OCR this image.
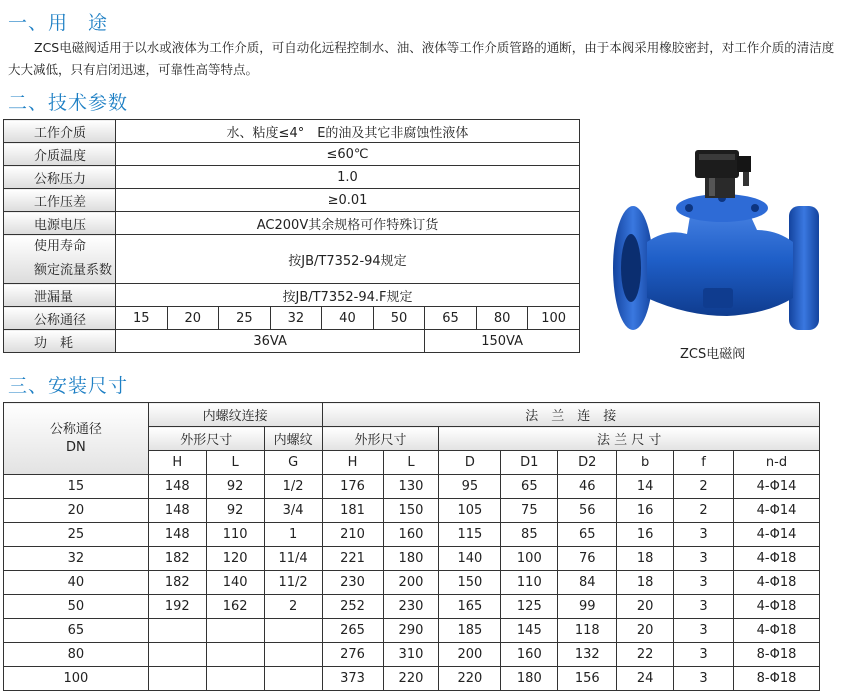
一、用　途
ZCS电磁阀适用于以水或液体为工作介质，可自动化远程控制水、油、液体等工作介质管路的通断，由于本阀采用橡胶密封，对工作介质的清洁度大大减低，只有启闭迅速，可靠性高等特点。
二、技术参数
工作介质	水、粘度≤4°　E的油及其它非腐蚀性液体								
介质温度	≤60℃								
公称压力	1.0								
工作压差	≥0.01								
电源电压	AC200V其余规格可作特殊订货								

使用寿命
额定流量系数	按JB/T7352-94规定								
泄漏量	按JB/T7352-94.F规定								
公称通径	15	20	25	32	40	50	65	80	100
功　耗	36VA						150VA		
ZCS电磁阀
三、安装尺寸
公称通径
DN	内螺纹连接			法　兰　连　接							
	外形尺寸		内螺纹	外形尺寸		法 兰 尺 寸					
	H	L	G	H	L	D	D1	D2	b	f	n-d
15	148	92	1/2	176	130	95	65	46	14	2	4-Φ14
20	148	92	3/4	181	150	105	75	56	16	2	4-Φ14
25	148	110	1	210	160	115	85	65	16	3	4-Φ14
32	182	120	11/4	221	180	140	100	76	18	3	4-Φ18
40	182	140	11/2	230	200	150	110	84	18	3	4-Φ18
50	192	162	2	252	230	165	125	99	20	3	4-Φ18
65				265	290	185	145	118	20	3	4-Φ18
80				276	310	200	160	132	22	3	8-Φ18
100				373	220	220	180	156	24	3	8-Φ18
